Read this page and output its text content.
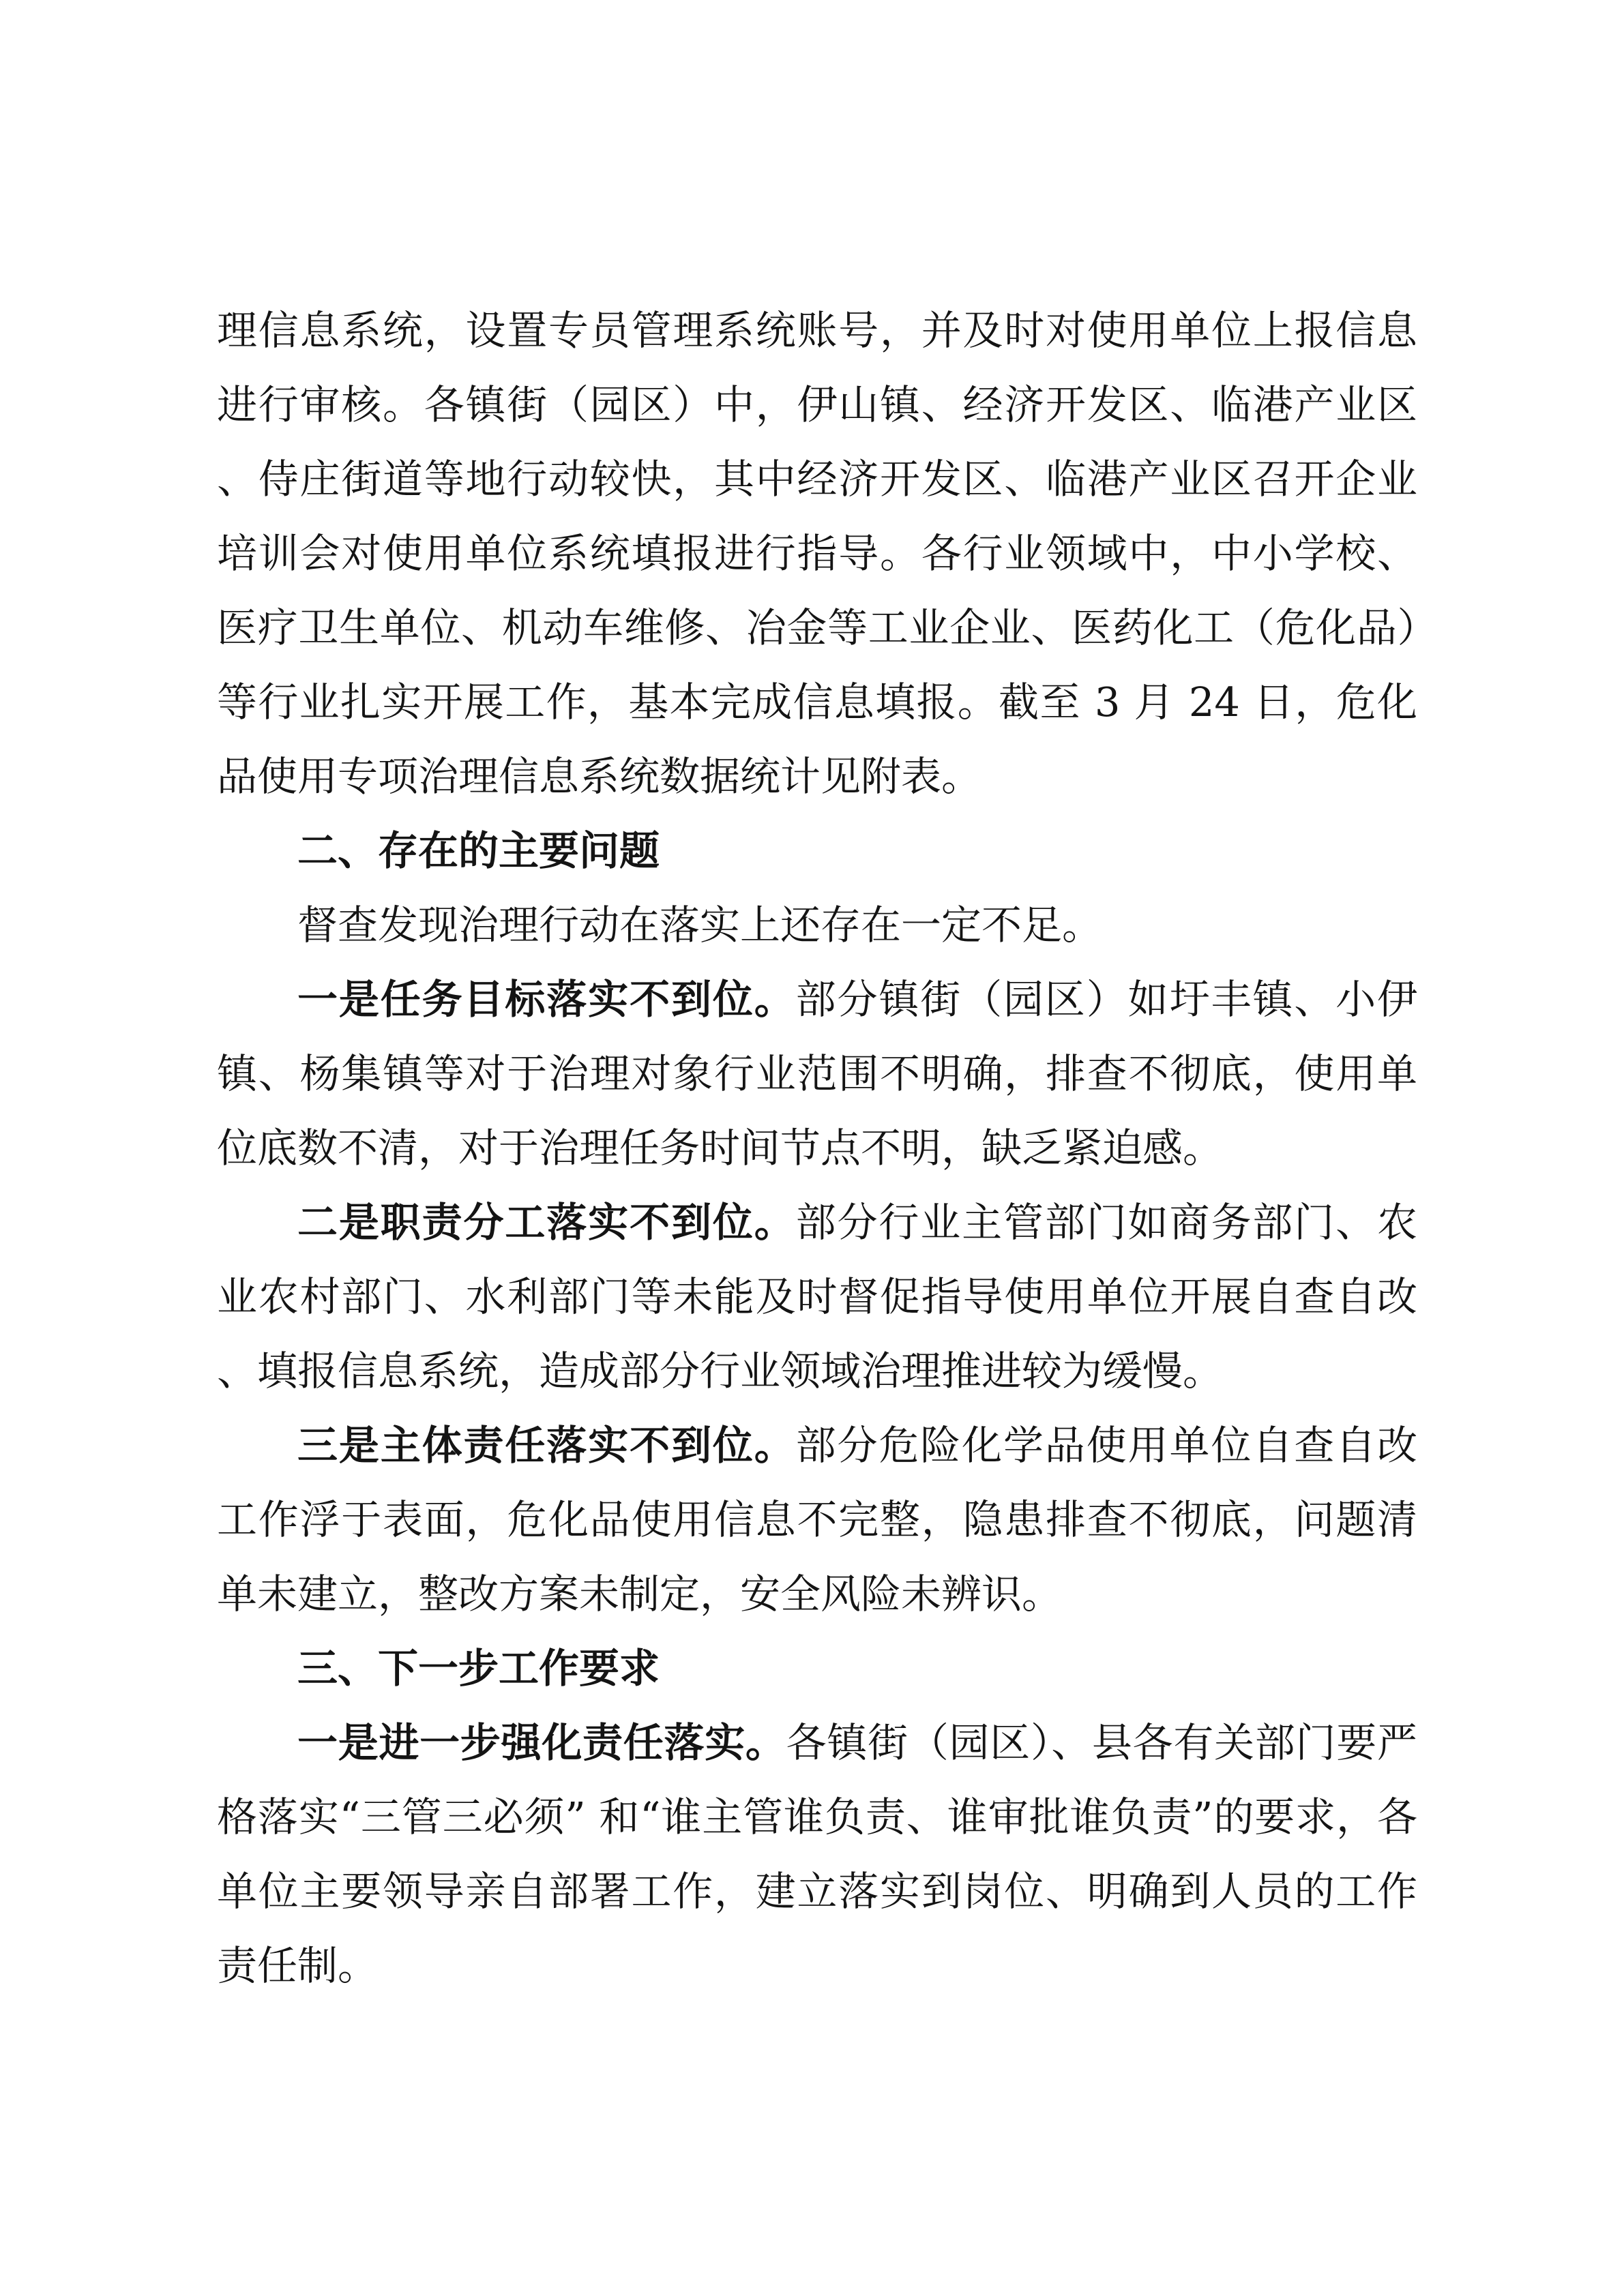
理信息系统，设置专员管理系统账号，并及时对使用单位上报信息进行审核。各镇街（园区）中，伊山镇、经济开发区、临港产业区、侍庄街道等地行动较快，其中经济开发区、临港产业区召开企业培训会对使用单位系统填报进行指导。各行业领域中，中小学校、医疗卫生单位、机动车维修、冶金等工业企业、医药化工（危化品）等行业扎实开展工作，基本完成信息填报。截至 3 月 24 日，危化品使用专项治理信息系统数据统计见附表。

二、存在的主要问题

督查发现治理行动在落实上还存在一定不足。

一是任务目标落实不到位。部分镇街（园区）如圩丰镇、小伊镇、杨集镇等对于治理对象行业范围不明确，排查不彻底，使用单位底数不清，对于治理任务时间节点不明，缺乏紧迫感。

二是职责分工落实不到位。部分行业主管部门如商务部门、农业农村部门、水利部门等未能及时督促指导使用单位开展自查自改、填报信息系统，造成部分行业领域治理推进较为缓慢。

三是主体责任落实不到位。部分危险化学品使用单位自查自改工作浮于表面，危化品使用信息不完整，隐患排查不彻底，问题清单未建立，整改方案未制定，安全风险未辨识。

三、下一步工作要求

一是进一步强化责任落实。各镇街（园区）、县各有关部门要严格落实“三管三必须” 和“谁主管谁负责、谁审批谁负责”的要求，各单位主要领导亲自部署工作，建立落实到岗位、明确到人员的工作责任制。
